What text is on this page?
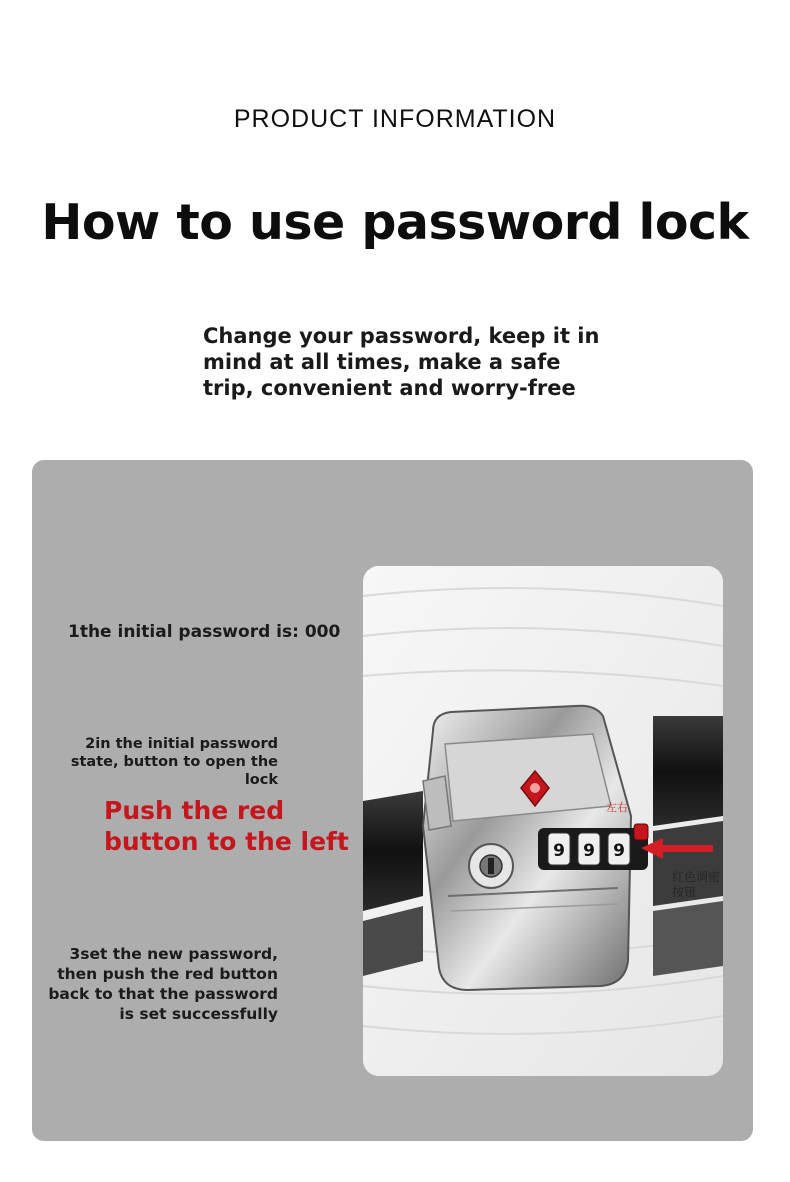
PRODUCT INFORMATION
How to use password lock
Change your password, keep it in
mind at all times, make a safe
trip, convenient and worry-free
1the initial password is: 000
2in the initial password
state, button to open the
lock
Push the red
button to the left
3set the new password,
then push the red button
back to that the password
is set successfully
9 9 9
左右
红色调密
按钮
